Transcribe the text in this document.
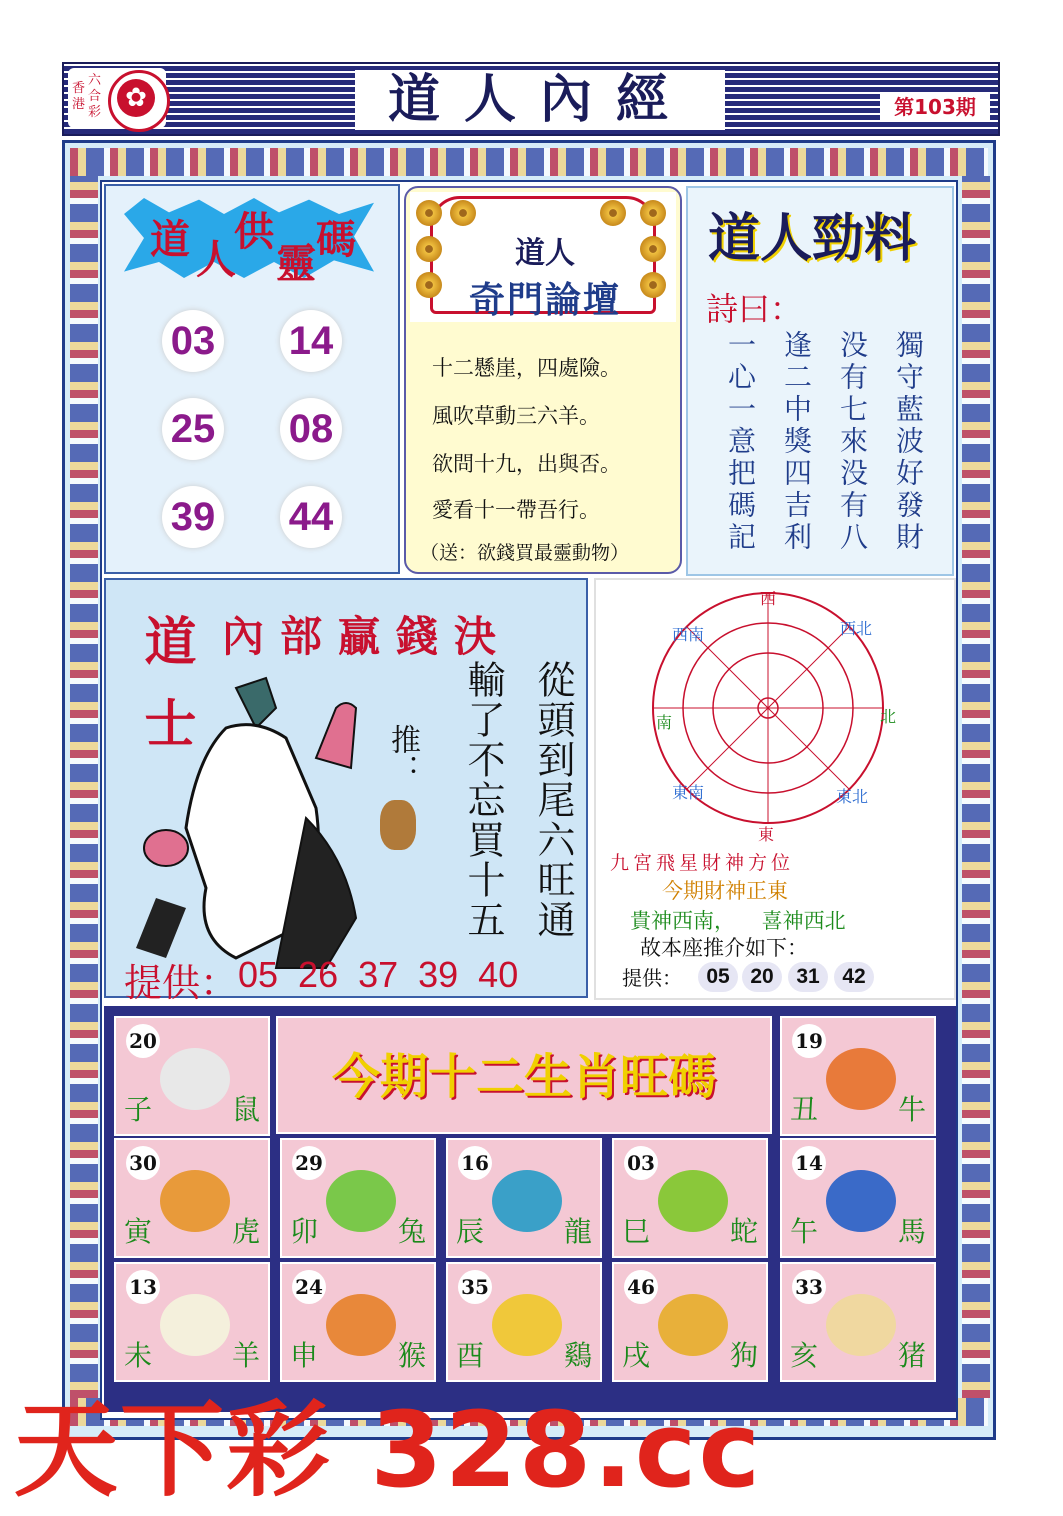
香
港
六
合
彩 ✿	道人內經	第103期
道 人
供
靈
碼
03 14
25 08
39 44
道人
奇門論壇
十二懸崖，四處險。
風吹草動三六羊。
欲問十九，出與否。
愛看十一帶吾行。
（送：欲錢買最靈動物）
道人勁料
詩曰：
獨守藍波好發財
没有七來没有八
逢二中獎四吉利
一心一意把碼記
道士 內部贏錢決
從頭到尾六旺通
輸了不忘買十五
推：
提供： 05 26 37 39 40
西
東
南	北
西南	西北
東南	東北
九宮飛星財神方位
今期財神正東
貴神西南， 喜神西北
故本座推介如下：
提供：	05 20	31	42
今期十二生肖旺碼
20
子	鼠
19
丑	牛
30
寅	虎
29
卯	兔
16
辰	龍
03
巳	蛇
14
午	馬
13
未	羊
24
申	猴
35
酉	鷄
46
戌	狗
33
亥	猪
天下彩 328.cc
